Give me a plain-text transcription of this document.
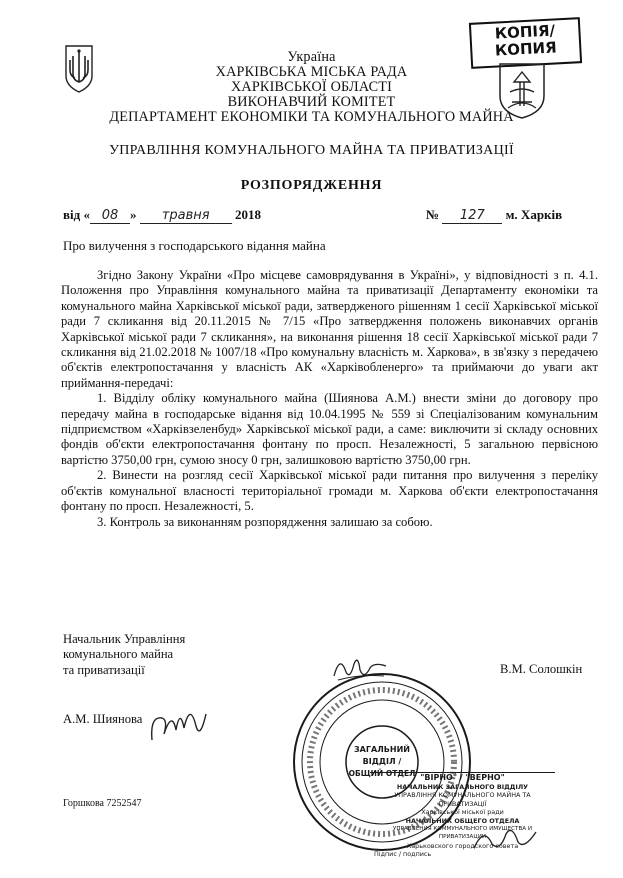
КОПІЯ/
КОПИЯ
Україна
ХАРКІВСЬКА МІСЬКА РАДА
ХАРКІВСЬКОЇ ОБЛАСТІ
ВИКОНАВЧИЙ КОМІТЕТ
ДЕПАРТАМЕНТ ЕКОНОМІКИ ТА КОМУНАЛЬНОГО МАЙНА
УПРАВЛІННЯ КОМУНАЛЬНОГО МАЙНА ТА ПРИВАТИЗАЦІЇ
РОЗПОРЯДЖЕННЯ
від « 08 » травня 2018	№ 127 м. Харків
Про вилучення з господарського відання майна

Згідно Закону України «Про місцеве самоврядування в Україні», у відповідності з п. 4.1. Положення про Управління комунального майна та приватизації Департаменту економіки та комунального майна Харківської міської ради, затвердженого рішенням 1 сесії Харківської міської ради 7 скликання від 20.11.2015 № 7/15 «Про затвердження положень виконавчих органів Харківської міської ради 7 скликання», на виконання рішення 18 сесії Харківської міської ради 7 скликання від 21.02.2018 № 1007/18 «Про комунальну власність м. Харкова», в зв'язку з передачею об'єктів електропостачання у власність АК «Харківобленерго» та приймаючи до уваги акт приймання-передачі:

1. Відділу обліку комунального майна (Шиянова А.М.) внести зміни до договору про передачу майна в господарське відання від 10.04.1995 № 559 зі Спеціалізованим комунальним підприємством «Харківзеленбуд» Харківської міської ради, а саме: виключити зі складу основних фондів об'єкти електропостачання фонтану по просп. Незалежності, 5 загальною первісною вартістю 3750,00 грн, сумою зносу 0 грн, залишковою вартістю 3750,00 грн.

2. Винести на розгляд сесії Харківської міської ради питання про вилучення з переліку об'єктів комунальної власності територіальної громади м. Харкова об'єкти електропостачання фонтану по просп. Незалежності, 5.

3. Контроль за виконанням розпорядження залишаю за собою.

Начальник Управління
комунального майна
та приватизації	В.М. Солошкін
А.М. Шиянова
ЗАГАЛЬНИЙ
ВІДДІЛ /
ОБЩИЙ ОТДЕЛ "ВІРНО" / "ВЕРНО"
НАЧАЛЬНИК ЗАГАЛЬНОГО ВІДДІЛУ
УПРАВЛІННЯ КОМУНАЛЬНОГО МАЙНА ТА ПРИВАТИЗАЦІЇ
Харківської міської ради
НАЧАЛЬНИК ОБЩЕГО ОТДЕЛА
УПРАВЛЕНИЯ КОММУНАЛЬНОГО ИМУЩЕСТВА И ПРИВАТИЗАЦИИ
Харьковского городского совета
Підпис / подпись
Горшкова 7252547
